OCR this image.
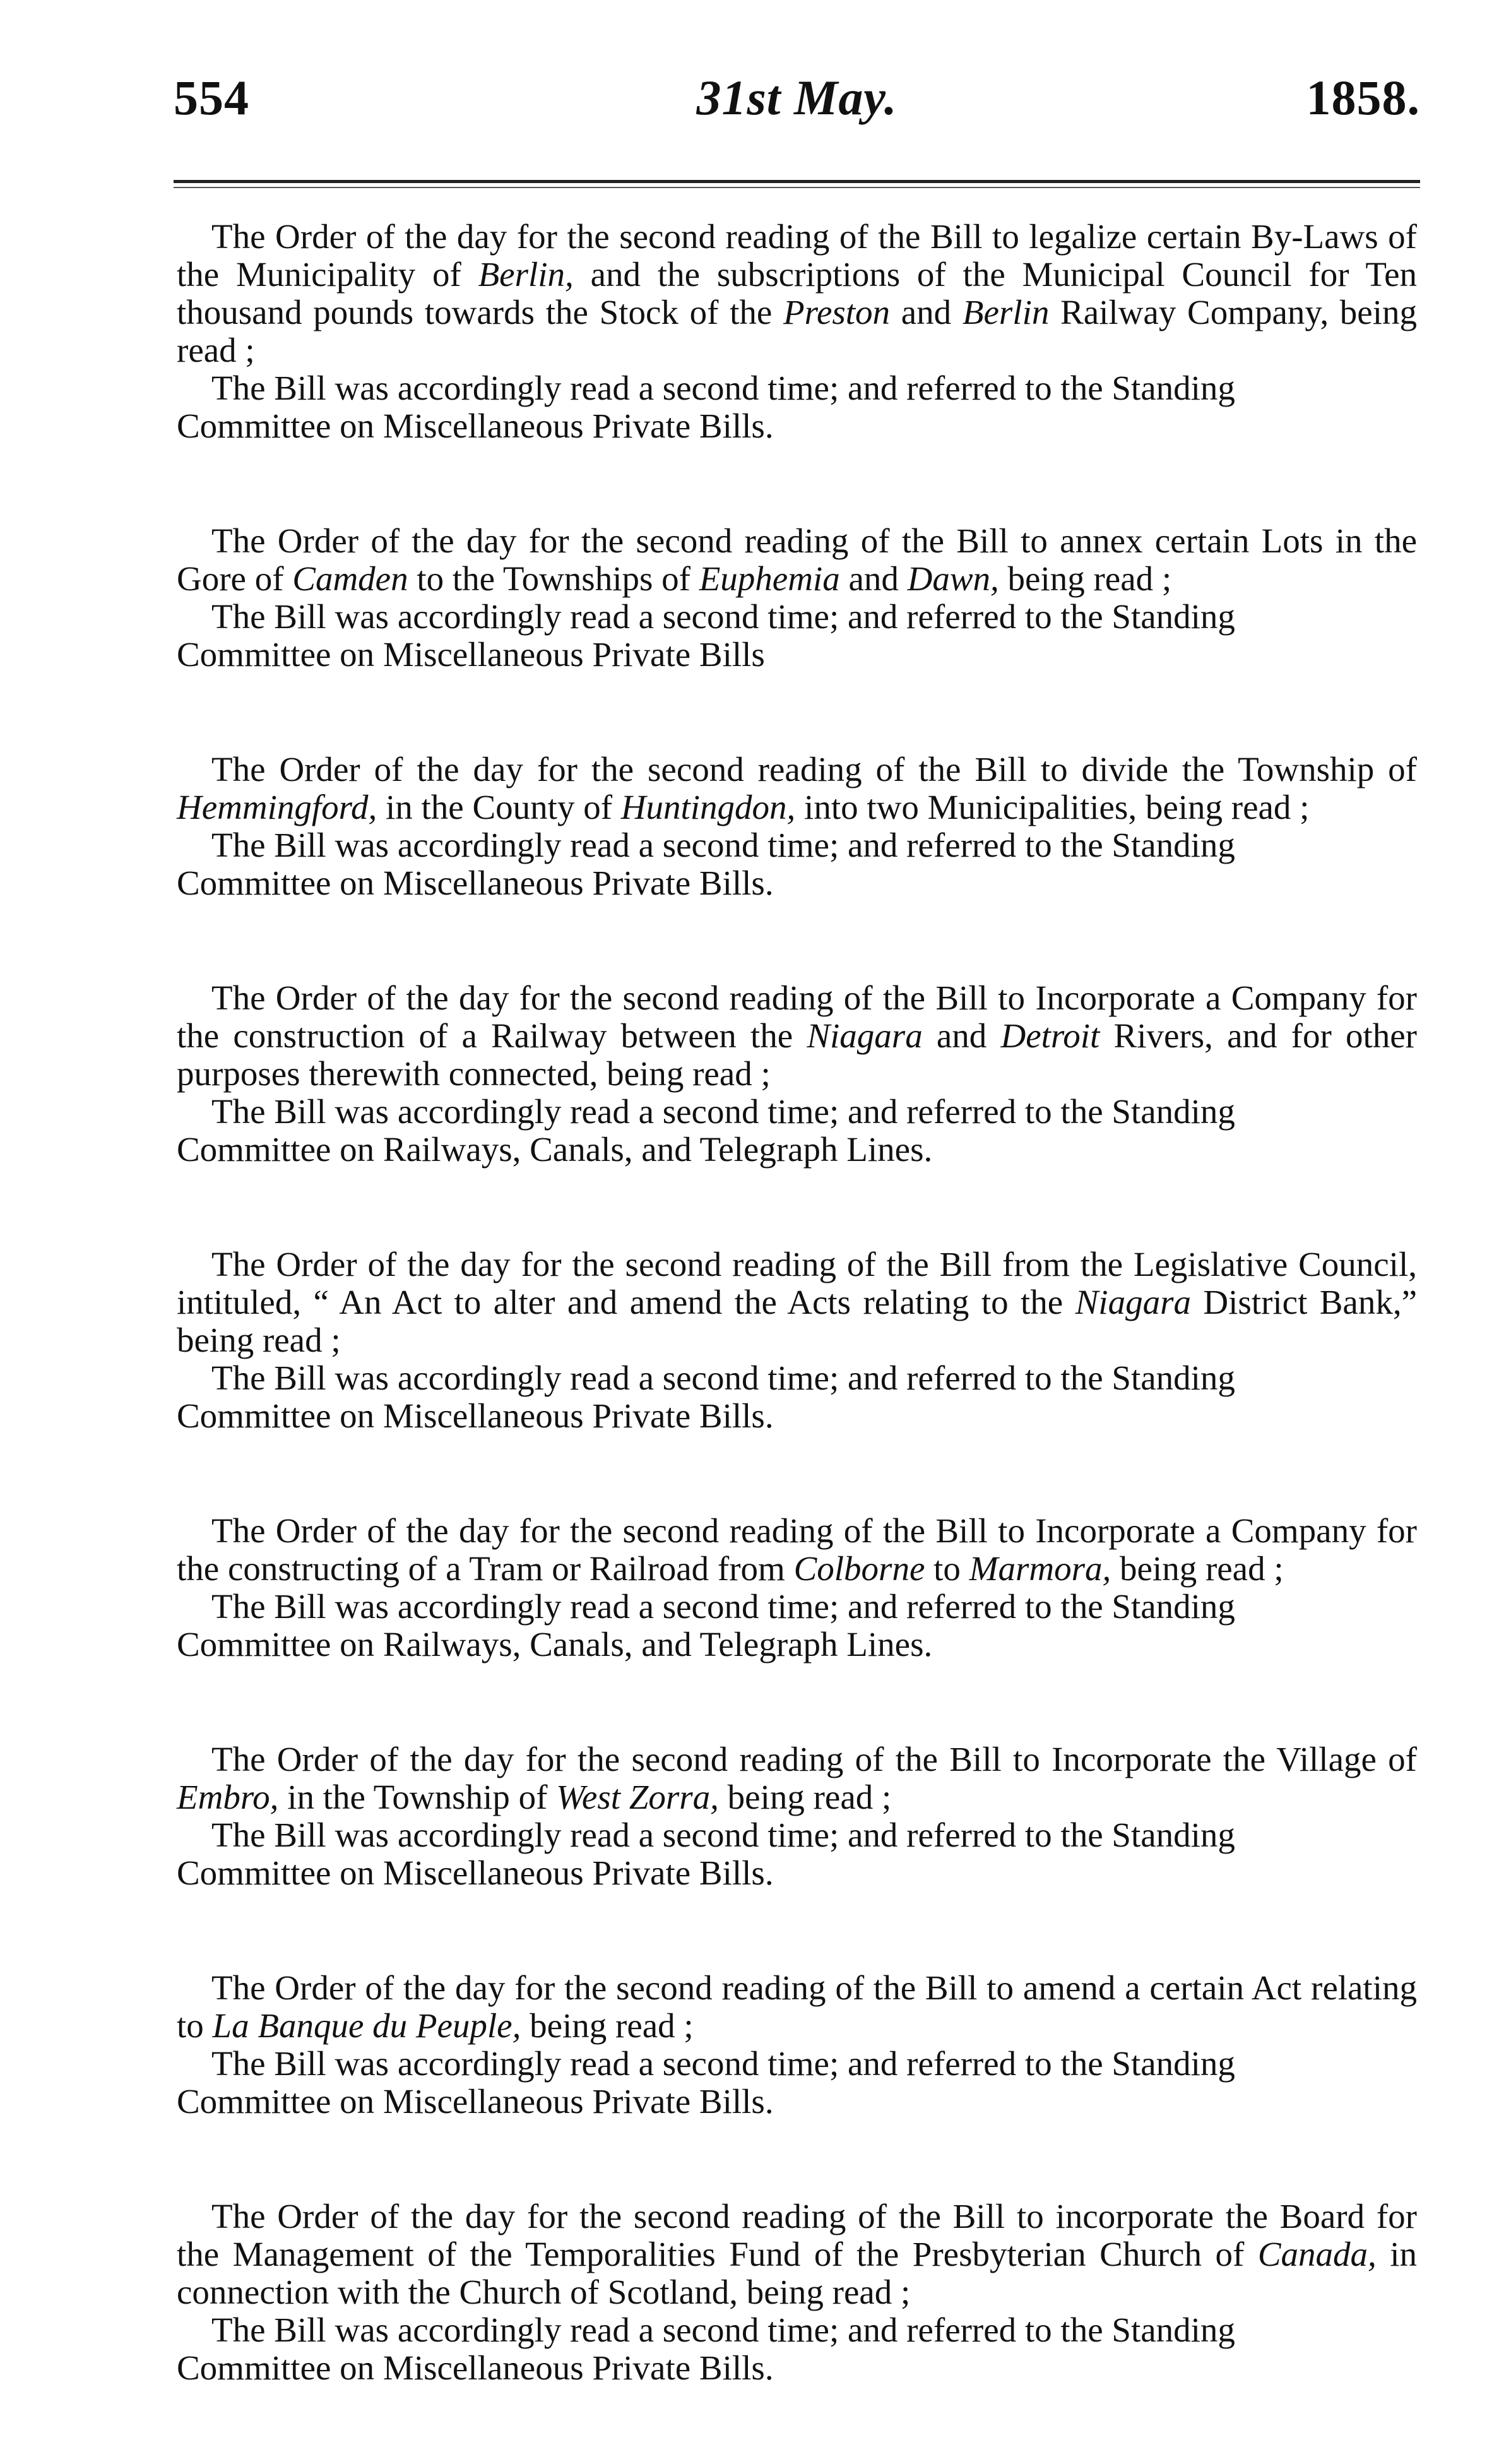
554	31st May.	1858.

The Order of the day for the second reading of the Bill to legalize certain By-Laws of the Municipality of Berlin, and the subscriptions of the Municipal Council for Ten thousand pounds towards the Stock of the Preston and Berlin Railway Company, being read ;

The Bill was accordingly read a second time; and referred to the Standing
Committee on Miscellaneous Private Bills.

The Order of the day for the second reading of the Bill to annex certain Lots in the Gore of Camden to the Townships of Euphemia and Dawn, being read ;

The Bill was accordingly read a second time; and referred to the Standing
Committee on Miscellaneous Private Bills

The Order of the day for the second reading of the Bill to divide the Township of Hemmingford, in the County of Huntingdon, into two Municipalities, being read ;

The Bill was accordingly read a second time; and referred to the Standing
Committee on Miscellaneous Private Bills.

The Order of the day for the second reading of the Bill to Incorporate a Company for the construction of a Railway between the Niagara and Detroit Rivers, and for other purposes therewith connected, being read ;

The Bill was accordingly read a second time; and referred to the Standing
Committee on Railways, Canals, and Telegraph Lines.

The Order of the day for the second reading of the Bill from the Legislative Council, intituled, “ An Act to alter and amend the Acts relating to the Niagara District Bank,” being read ;

The Bill was accordingly read a second time; and referred to the Standing
Committee on Miscellaneous Private Bills.

The Order of the day for the second reading of the Bill to Incorporate a Company for the constructing of a Tram or Railroad from Colborne to Marmora, being read ;

The Bill was accordingly read a second time; and referred to the Standing
Committee on Railways, Canals, and Telegraph Lines.

The Order of the day for the second reading of the Bill to Incorporate the Village of Embro, in the Township of West Zorra, being read ;

The Bill was accordingly read a second time; and referred to the Standing
Committee on Miscellaneous Private Bills.

The Order of the day for the second reading of the Bill to amend a certain Act relating to La Banque du Peuple, being read ;

The Bill was accordingly read a second time; and referred to the Standing
Committee on Miscellaneous Private Bills.

The Order of the day for the second reading of the Bill to incorporate the Board for the Management of the Temporalities Fund of the Presbyterian Church of Canada, in connection with the Church of Scotland, being read ;

The Bill was accordingly read a second time; and referred to the Standing
Committee on Miscellaneous Private Bills.
